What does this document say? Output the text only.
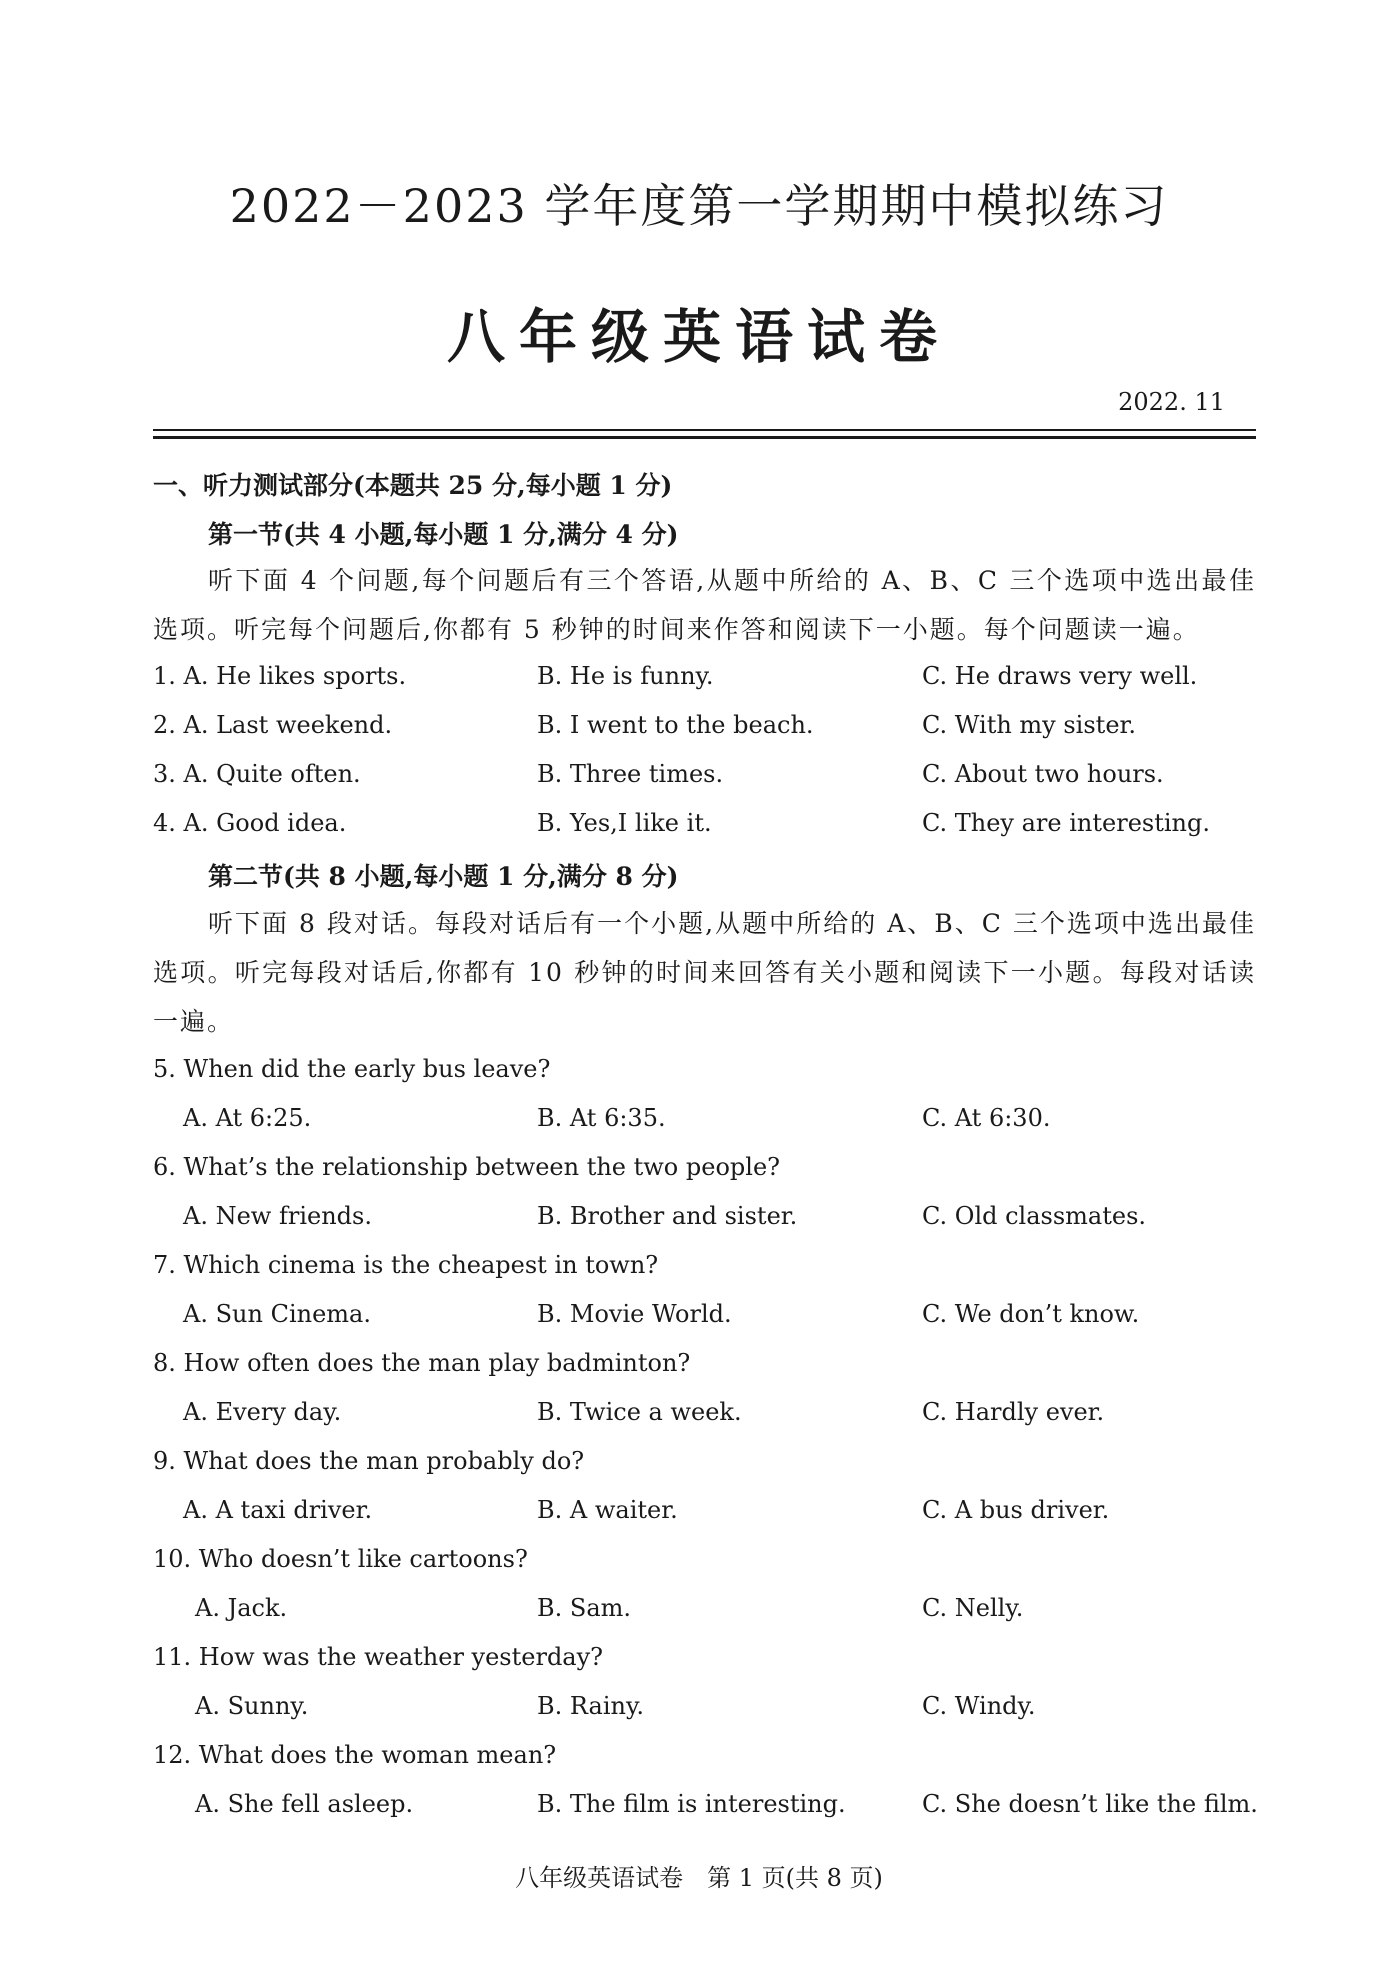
2022－2023 学年度第一学期期中模拟练习
八年级英语试卷
2022. 11
一、听力测试部分(本题共 25 分,每小题 1 分)
第一节(共 4 小题,每小题 1 分,满分 4 分)
听下面 4 个问题,每个问题后有三个答语,从题中所给的 A、B、C 三个选项中选出最佳选项。听完每个问题后,你都有 5 秒钟的时间来作答和阅读下一小题。每个问题读一遍。
1. A. He likes sports.	B. He is funny.	C. He draws very well.
2. A. Last weekend.	B. I went to the beach.	C. With my sister.
3. A. Quite often.	B. Three times.	C. About two hours.
4. A. Good idea.	B. Yes,I like it.	C. They are interesting.
第二节(共 8 小题,每小题 1 分,满分 8 分)
听下面 8 段对话。每段对话后有一个小题,从题中所给的 A、B、C 三个选项中选出最佳选项。听完每段对话后,你都有 10 秒钟的时间来回答有关小题和阅读下一小题。每段对话读一遍。
5. When did the early bus leave?
A. At 6:25.	B. At 6:35.	C. At 6:30.
6. What’s the relationship between the two people?
A. New friends.	B. Brother and sister.	C. Old classmates.
7. Which cinema is the cheapest in town?
A. Sun Cinema.	B. Movie World.	C. We don’t know.
8. How often does the man play badminton?
A. Every day.	B. Twice a week.	C. Hardly ever.
9. What does the man probably do?
A. A taxi driver.	B. A waiter.	C. A bus driver.
10. Who doesn’t like cartoons?
A. Jack.	B. Sam.	C. Nelly.
11. How was the weather yesterday?
A. Sunny.	B. Rainy.	C. Windy.
12. What does the woman mean?
A. She fell asleep.	B. The film is interesting.	C. She doesn’t like the film.
八年级英语试卷　第 1 页(共 8 页)
